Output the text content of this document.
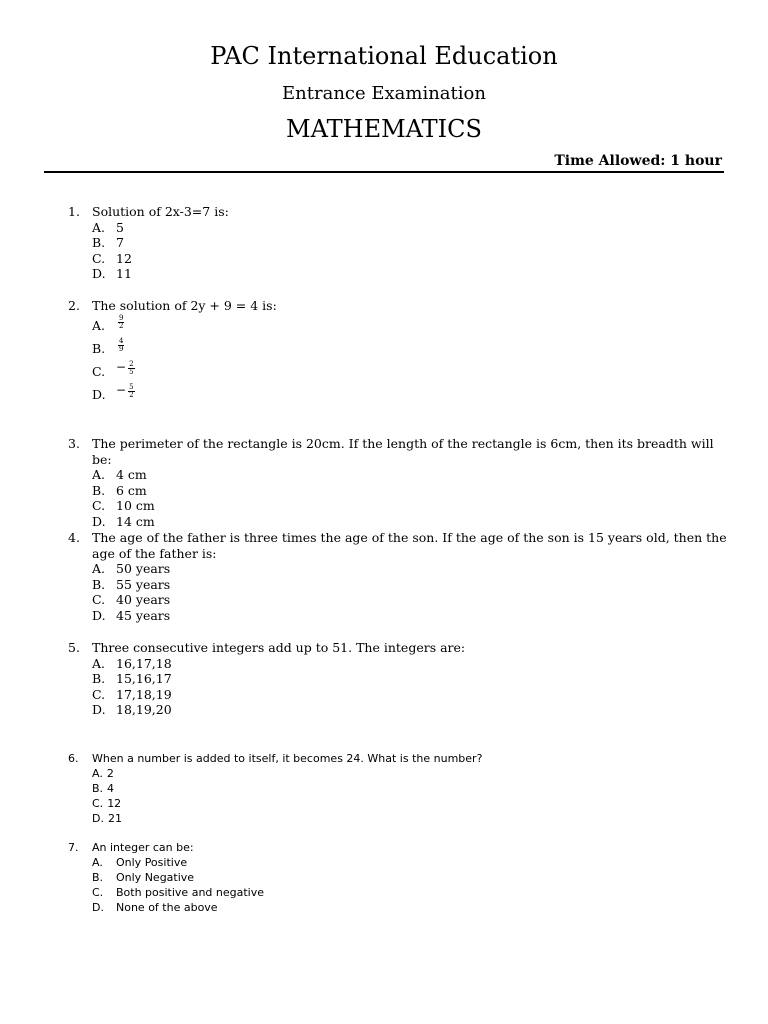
PAC International Education
Entrance Examination
MATHEMATICS
Time Allowed: 1 hour
1. Solution of 2x-3=7 is:
A. 5
B. 7
C. 12
D. 11
2. The solution of 2y + 9 = 4 is:
A. $\frac{9}{2}$
B. $\frac{4}{9}$
C. − $\frac{2}{5}$
D. − $\frac{5}{2}$
3. The perimeter of the rectangle is 20cm. If the length of the rectangle is 6cm, then its breadth will be:
A. 4 cm
B. 6 cm
C. 10 cm
D. 14 cm
4. The age of the father is three times the age of the son. If the age of the son is 15 years old, then the age of the father is:
A. 50 years
B. 55 years
C. 40 years
D. 45 years
5. Three consecutive integers add up to 51. The integers are:
A. 16,17,18
B. 15,16,17
C. 17,18,19
D. 18,19,20
6. When a number is added to itself, it becomes 24. What is the number?
A. 2
B. 4
C. 12
D. 21
7. An integer can be:
A. Only Positive
B. Only Negative
C. Both positive and negative
D. None of the above
